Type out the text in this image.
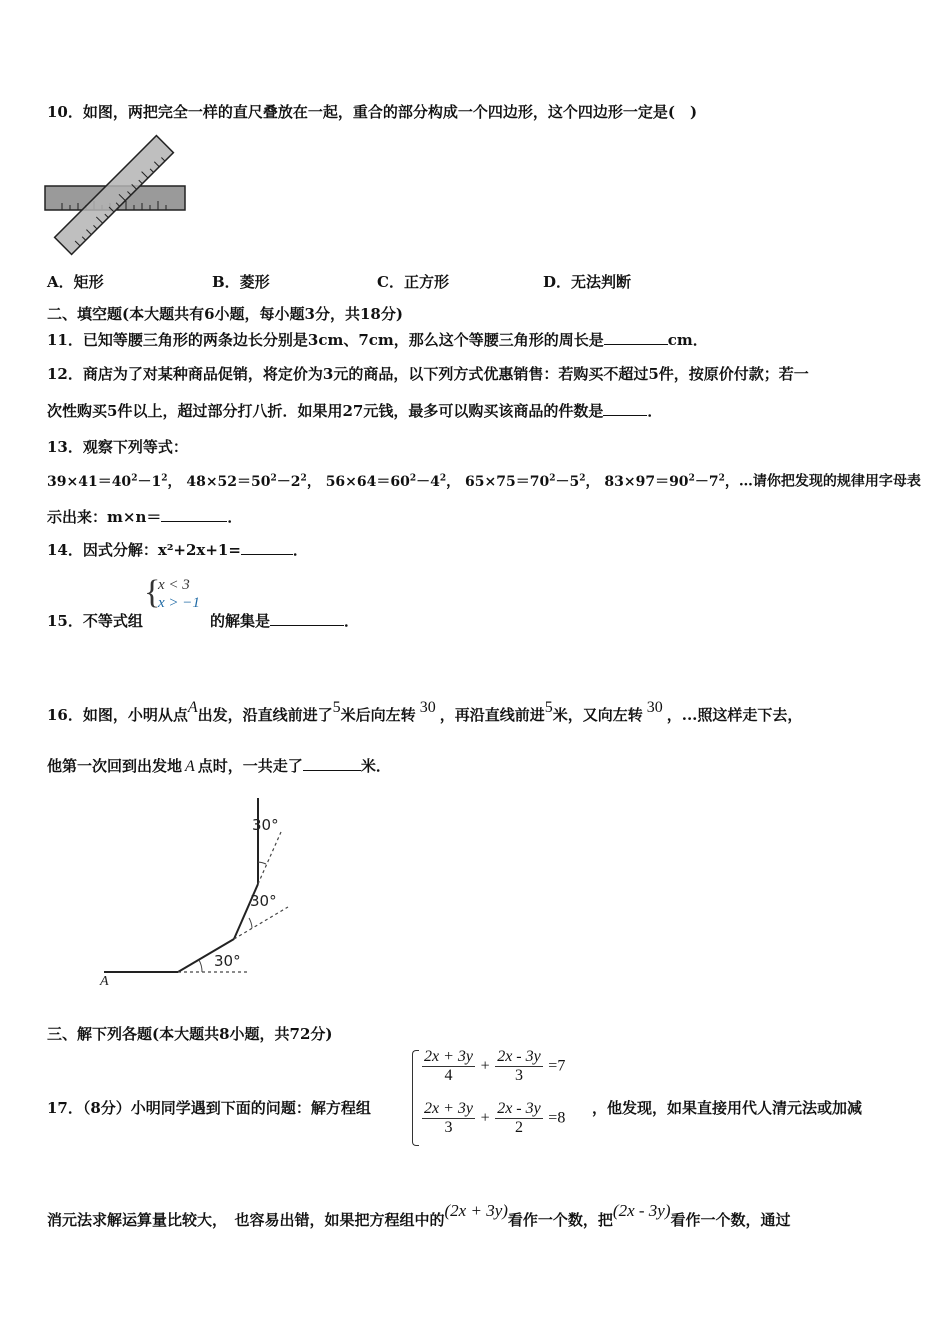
10．如图，两把完全一样的直尺叠放在一起，重合的部分构成一个四边形，这个四边形一定是(　)
A．矩形	B．菱形	C．正方形	D．无法判断
二、填空题(本大题共有6小题，每小题3分，共18分)
11．已知等腰三角形的两条边长分别是3cm、7cm，那么这个等腰三角形的周长是	cm．
12．商店为了对某种商品促销，将定价为3元的商品，以下列方式优惠销售：若购买不超过5件，按原价付款；若一
次性购买5件以上，超过部分打八折．如果用27元钱，最多可以购买该商品的件数是	．
13．观察下列等式：
$39\times 41=40^2-1^2$， $48\times 52=50^2-2^2$， $56\times 64=60^2-4^2$， $65\times 75=70^2-5^2$， $83\times 97=90^2-7^2$，…请你把发现的规律用字母表
示出来：m×n＝	．
14．因式分解：x²+2x+1=	．
15．不等式组
{
x < 3
x > −1
的解集是	．
16．如图，小明从点A出发，沿直线前进了5米后向左转 30 ，再沿直线前进5米，又向左转 30 ，...照这样走下去，
他第一次回到出发地 A 点时，一共走了	米．
30°
30°
30°
A
三、解下列各题(本大题共8小题，共72分)
17．（8分）小明同学遇到下面的问题：解方程组
$\frac{2x + 3y}{4} + \frac{2x - 3y}{3} =7$
$\frac{2x + 3y}{3} + \frac{2x - 3y}{2} =8$
，他发现，如果直接用代人清元法或加减
消元法求解运算量比较大，　也容易出错，如果把方程组中的(2x + 3y)看作一个数，把(2x - 3y)看作一个数，通过
